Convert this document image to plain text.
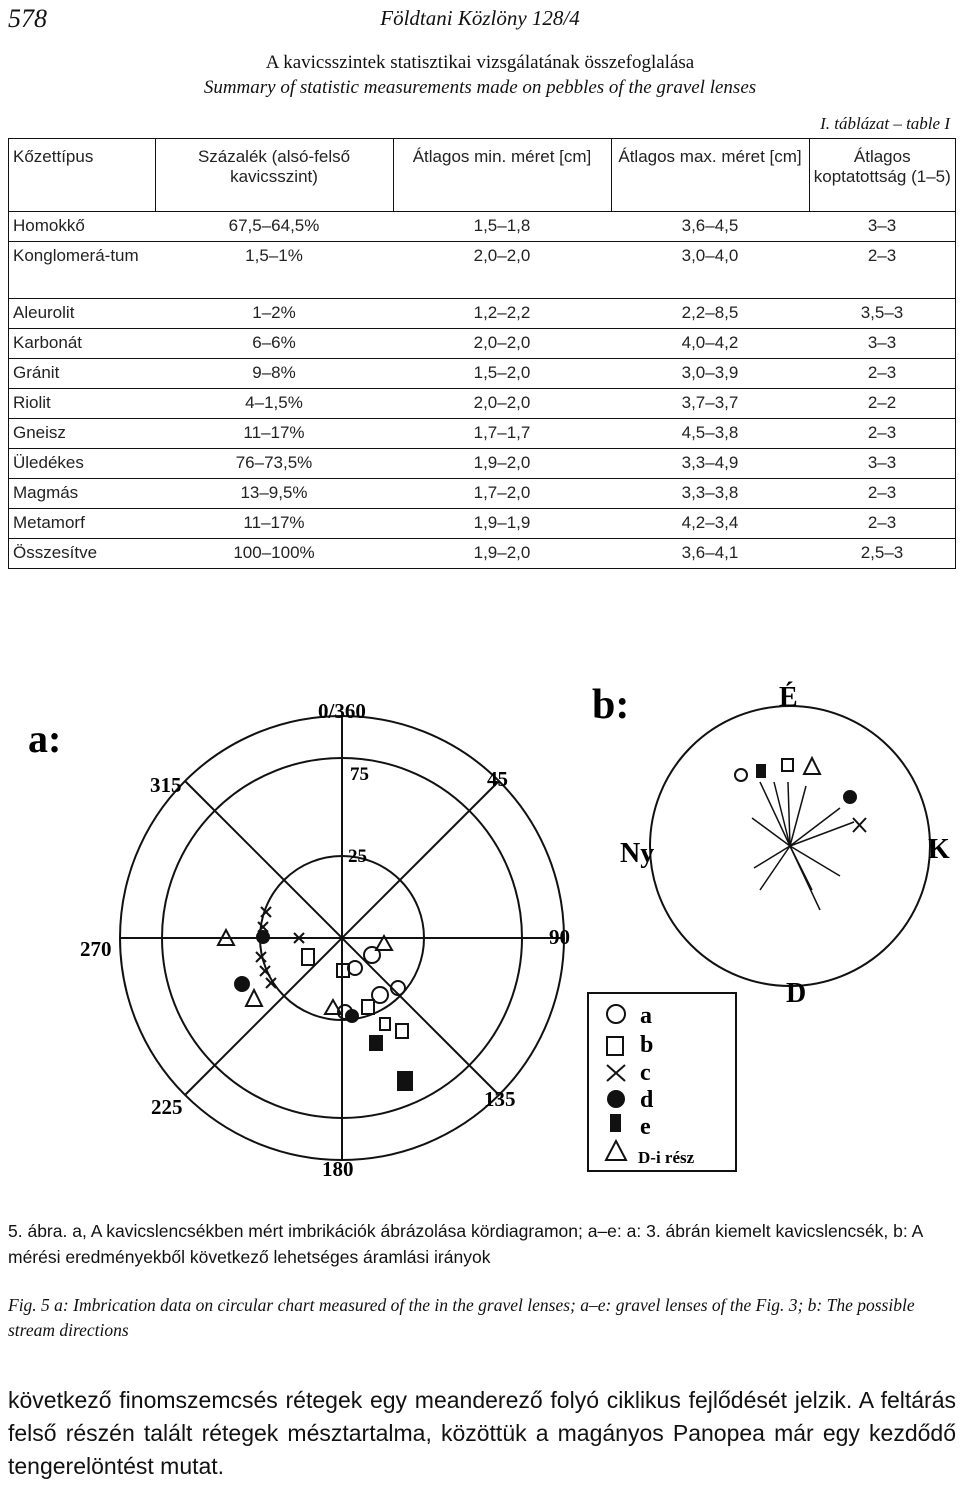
578	Földtani Közlöny 128/4
A kavicsszintek statisztikai vizsgálatának összefoglalása
Summary of statistic measurements made on pebbles of the gravel lenses
I. táblázat – table I
Kőzettípus	Százalék (alsó-felső kavicsszint)	Átlagos min. méret [cm]	Átlagos max. méret [cm]	Átlagos koptatottság (1–5)
Homokkő	67,5–64,5%	1,5–1,8	3,6–4,5	3–3
Konglomerá-tum	1,5–1%	2,0–2,0	3,0–4,0	2–3
Aleurolit	1–2%	1,2–2,2	2,2–8,5	3,5–3
Karbonát	6–6%	2,0–2,0	4,0–4,2	3–3
Gránit	9–8%	1,5–2,0	3,0–3,9	2–3
Riolit	4–1,5%	2,0–2,0	3,7–3,7	2–2
Gneisz	11–17%	1,7–1,7	4,5–3,8	2–3
Üledékes	76–73,5%	1,9–2,0	3,3–4,9	3–3
Magmás	13–9,5%	1,7–2,0	3,3–3,8	2–3
Metamorf	11–17%	1,9–1,9	4,2–3,4	2–3
Összesítve	100–100%	1,9–2,0	3,6–4,1	2,5–3
a:
0/360
45
90
135
180
225
270
315	75
25
a
b
c
d
e
D-i rész
b:	É
K
D
Ny
5. ábra. a, A kavicslencsékben mért imbrikációk ábrázolása kördiagramon; a–e: a: 3. ábrán kiemelt kavicslencsék, b: A mérési eredményekből következő lehetséges áramlási irányok
Fig. 5 a: Imbrication data on circular chart measured of the in the gravel lenses; a–e: gravel lenses of the Fig. 3; b: The possible stream directions
következő finomszemcsés rétegek egy meanderező folyó ciklikus fejlődését jelzik. A feltárás felső részén talált rétegek mésztartalma, közöttük a magányos Panopea már egy kezdődő tengerelöntést mutat.
